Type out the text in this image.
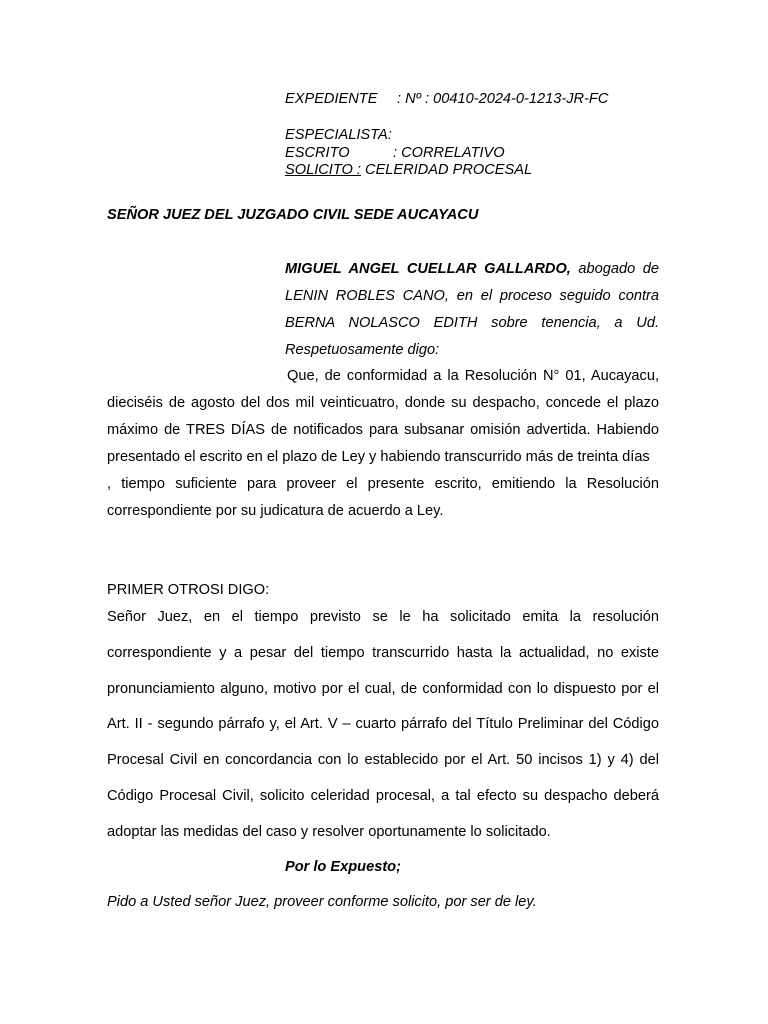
EXPEDIENTE : Nº : 00410-2024-0-1213-JR-FC
ESPECIALISTA:
ESCRITO	: CORRELATIVO
SOLICITO : CELERIDAD PROCESAL
SEÑOR JUEZ DEL JUZGADO CIVIL SEDE AUCAYACU

MIGUEL ANGEL CUELLAR GALLARDO, abogado de LENIN ROBLES CANO, en el proceso seguido contra BERNA NOLASCO EDITH sobre tenencia, a Ud. Respetuosamente digo:

Que, de conformidad a la Resolución N° 01, Aucayacu, dieciséis de agosto del dos mil veinticuatro, donde su despacho, concede el plazo máximo de TRES DÍAS de notificados para subsanar omisión advertida. Habiendo presentado el escrito en el plazo de Ley y habiendo transcurrido más de treinta días

, tiempo suficiente para proveer el presente escrito, emitiendo la Resolución correspondiente por su judicatura de acuerdo a Ley.

PRIMER OTROSI DIGO:

Señor Juez, en el tiempo previsto se le ha solicitado emita la resolución correspondiente y a pesar del tiempo transcurrido hasta la actualidad, no existe pronunciamiento alguno, motivo por el cual, de conformidad con lo dispuesto por el Art. II - segundo párrafo y, el Art. V – cuarto párrafo del Título Preliminar del Código Procesal Civil en concordancia con lo establecido por el Art. 50 incisos 1) y 4) del Código Procesal Civil, solicito celeridad procesal, a tal efecto su despacho deberá adoptar las medidas del caso y resolver oportunamente lo solicitado.

Por lo Expuesto;
Pido a Usted señor Juez, proveer conforme solicito, por ser de ley.
